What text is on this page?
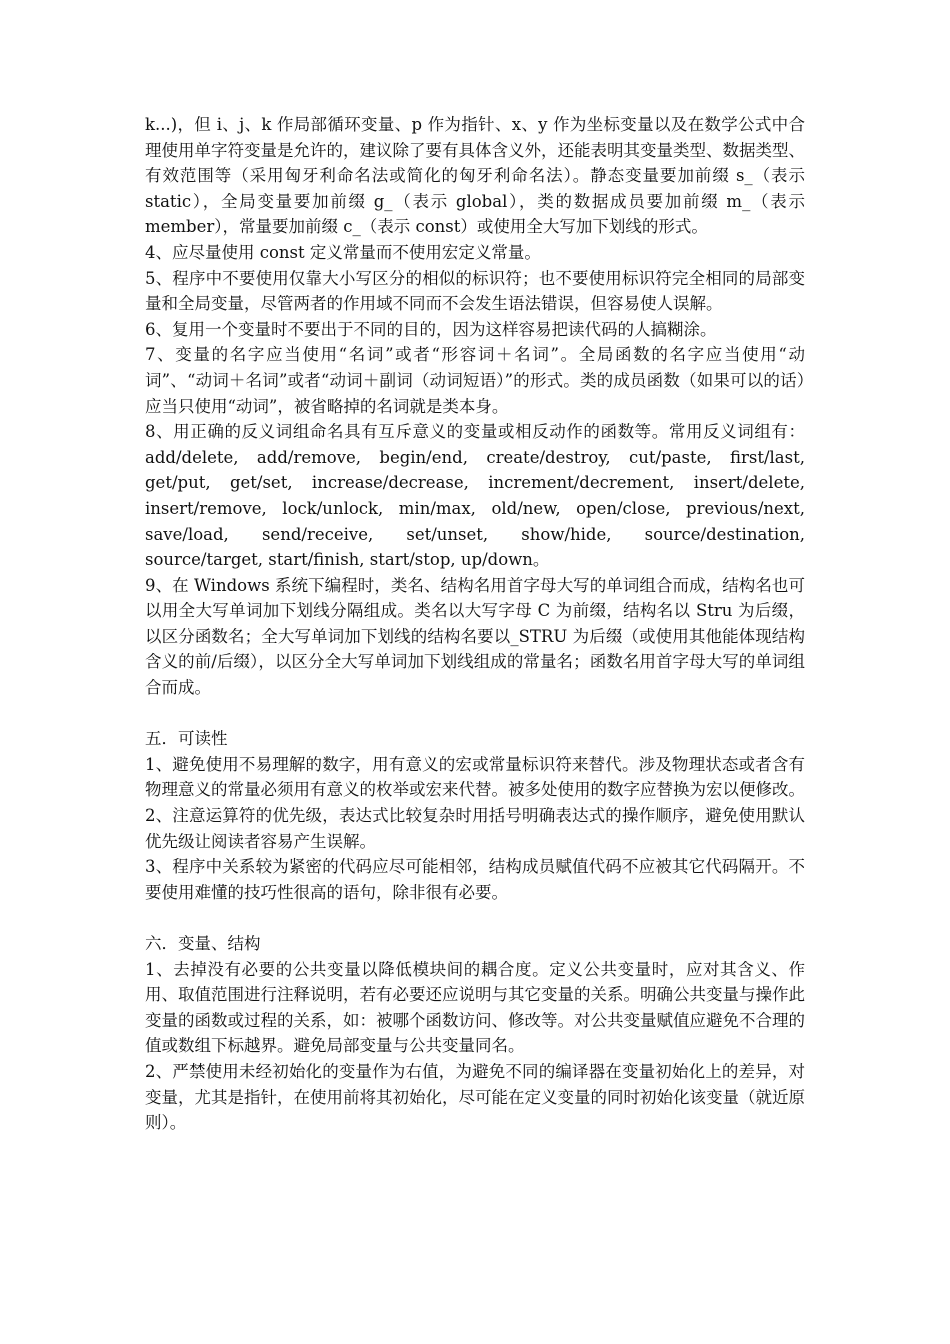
k...)，但 i、j、k 作局部循环变量、p 作为指针、x、y 作为坐标变量以及在数学公式中合理使用单字符变量是允许的，建议除了要有具体含义外，还能表明其变量类型、数据类型、有效范围等（采用匈牙利命名法或简化的匈牙利命名法）。静态变量要加前缀 s_（表示 static），全局变量要加前缀 g_（表示 global），类的数据成员要加前缀 m_（表示 member），常量要加前缀 c_（表示 const）或使用全大写加下划线的形式。

4、应尽量使用 const 定义常量而不使用宏定义常量。

5、程序中不要使用仅靠大小写区分的相似的标识符；也不要使用标识符完全相同的局部变量和全局变量，尽管两者的作用域不同而不会发生语法错误，但容易使人误解。

6、复用一个变量时不要出于不同的目的，因为这样容易把读代码的人搞糊涂。

7、变量的名字应当使用“名词”或者“形容词＋名词”。全局函数的名字应当使用“动词”、“动词＋名词”或者“动词＋副词（动词短语）”的形式。类的成员函数（如果可以的话）应当只使用“动词”，被省略掉的名词就是类本身。

8、用正确的反义词组命名具有互斥意义的变量或相反动作的函数等。常用反义词组有： add/delete, add/remove, begin/end, create/destroy, cut/paste, first/last, get/put, get/set, increase/decrease, increment/decrement, insert/delete, insert/remove, lock/unlock, min/max, old/new, open/close, previous/next, save/load, send/receive, set/unset, show/hide, source/destination, source/target, start/finish, start/stop, up/down。

9、在 Windows 系统下编程时，类名、结构名用首字母大写的单词组合而成，结构名也可以用全大写单词加下划线分隔组成。类名以大写字母 C 为前缀，结构名以 Stru 为后缀，以区分函数名；全大写单词加下划线的结构名要以_STRU 为后缀（或使用其他能体现结构含义的前/后缀），以区分全大写单词加下划线组成的常量名；函数名用首字母大写的单词组合而成。

五．可读性

1、避免使用不易理解的数字，用有意义的宏或常量标识符来替代。涉及物理状态或者含有物理意义的常量必须用有意义的枚举或宏来代替。被多处使用的数字应替换为宏以便修改。

2、注意运算符的优先级，表达式比较复杂时用括号明确表达式的操作顺序，避免使用默认优先级让阅读者容易产生误解。

3、程序中关系较为紧密的代码应尽可能相邻，结构成员赋值代码不应被其它代码隔开。不要使用难懂的技巧性很高的语句，除非很有必要。

六．变量、结构

1、去掉没有必要的公共变量以降低模块间的耦合度。定义公共变量时，应对其含义、作用、取值范围进行注释说明，若有必要还应说明与其它变量的关系。明确公共变量与操作此变量的函数或过程的关系，如：被哪个函数访问、修改等。对公共变量赋值应避免不合理的值或数组下标越界。避免局部变量与公共变量同名。

2、严禁使用未经初始化的变量作为右值，为避免不同的编译器在变量初始化上的差异，对变量，尤其是指针，在使用前将其初始化，尽可能在定义变量的同时初始化该变量（就近原则）。
